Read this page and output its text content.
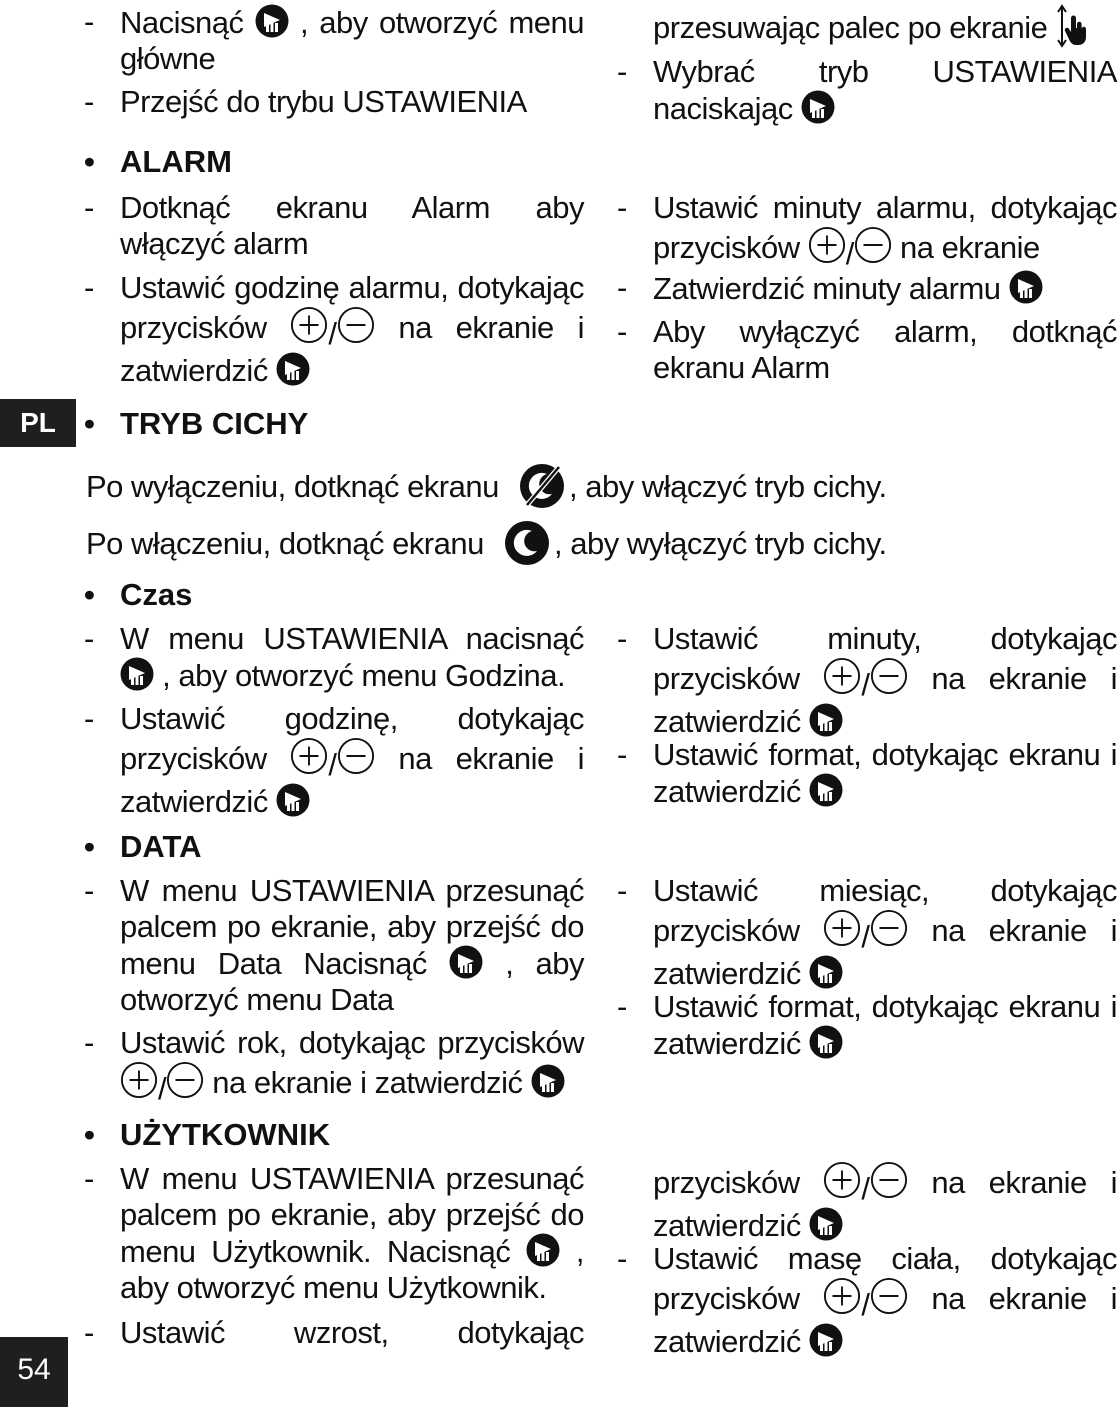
PL
54
- Nacisnąć , aby otworzyć menu główne
- Przejść do trybu USTAWIENIA
przesuwając palec po ekranie
- Wybrać tryb USTAWIENIA naciskając
• ALARM
- Dotknąć ekranu Alarm aby włączyć alarm
- Ustawić godzinę alarmu, dotykając przycisków / na ekranie i zatwierdzić
- Ustawić minuty alarmu, dotykając przycisków / na ekranie
- Zatwierdzić minuty alarmu
- Aby wyłączyć alarm, dotknąć ekranu Alarm
• TRYB CICHY
Po wyłączeniu, dotknąć ekranu , aby włączyć tryb cichy.
Po włączeniu, dotknąć ekranu , aby wyłączyć tryb cichy.
• Czas
- W menu USTAWIENIA nacisnąć  , aby otworzyć menu Godzina.
- Ustawić godzinę, dotykając przycisków / na ekranie i zatwierdzić
- Ustawić minuty, dotykając przycisków / na ekranie i zatwierdzić
- Ustawić format, dotykając ekranu i zatwierdzić
• DATA
- W menu USTAWIENIA przesunąć palcem po ekranie, aby przejść do menu Data Nacisnąć	, aby otworzyć menu Data
- Ustawić rok, dotykając przycisków / na ekranie i zatwierdzić
- Ustawić miesiąc, dotykając przycisków / na ekranie i zatwierdzić
- Ustawić format, dotykając ekranu i zatwierdzić
• UŻYTKOWNIK
- W menu USTAWIENIA przesunąć palcem po ekranie, aby przejść do menu Użytkownik. Nacisnąć , aby otworzyć menu Użytkownik.
- Ustawić wzrost, dotykając
przycisków / na ekranie i zatwierdzić
- Ustawić masę ciała, dotykając przycisków / na ekranie i zatwierdzić
